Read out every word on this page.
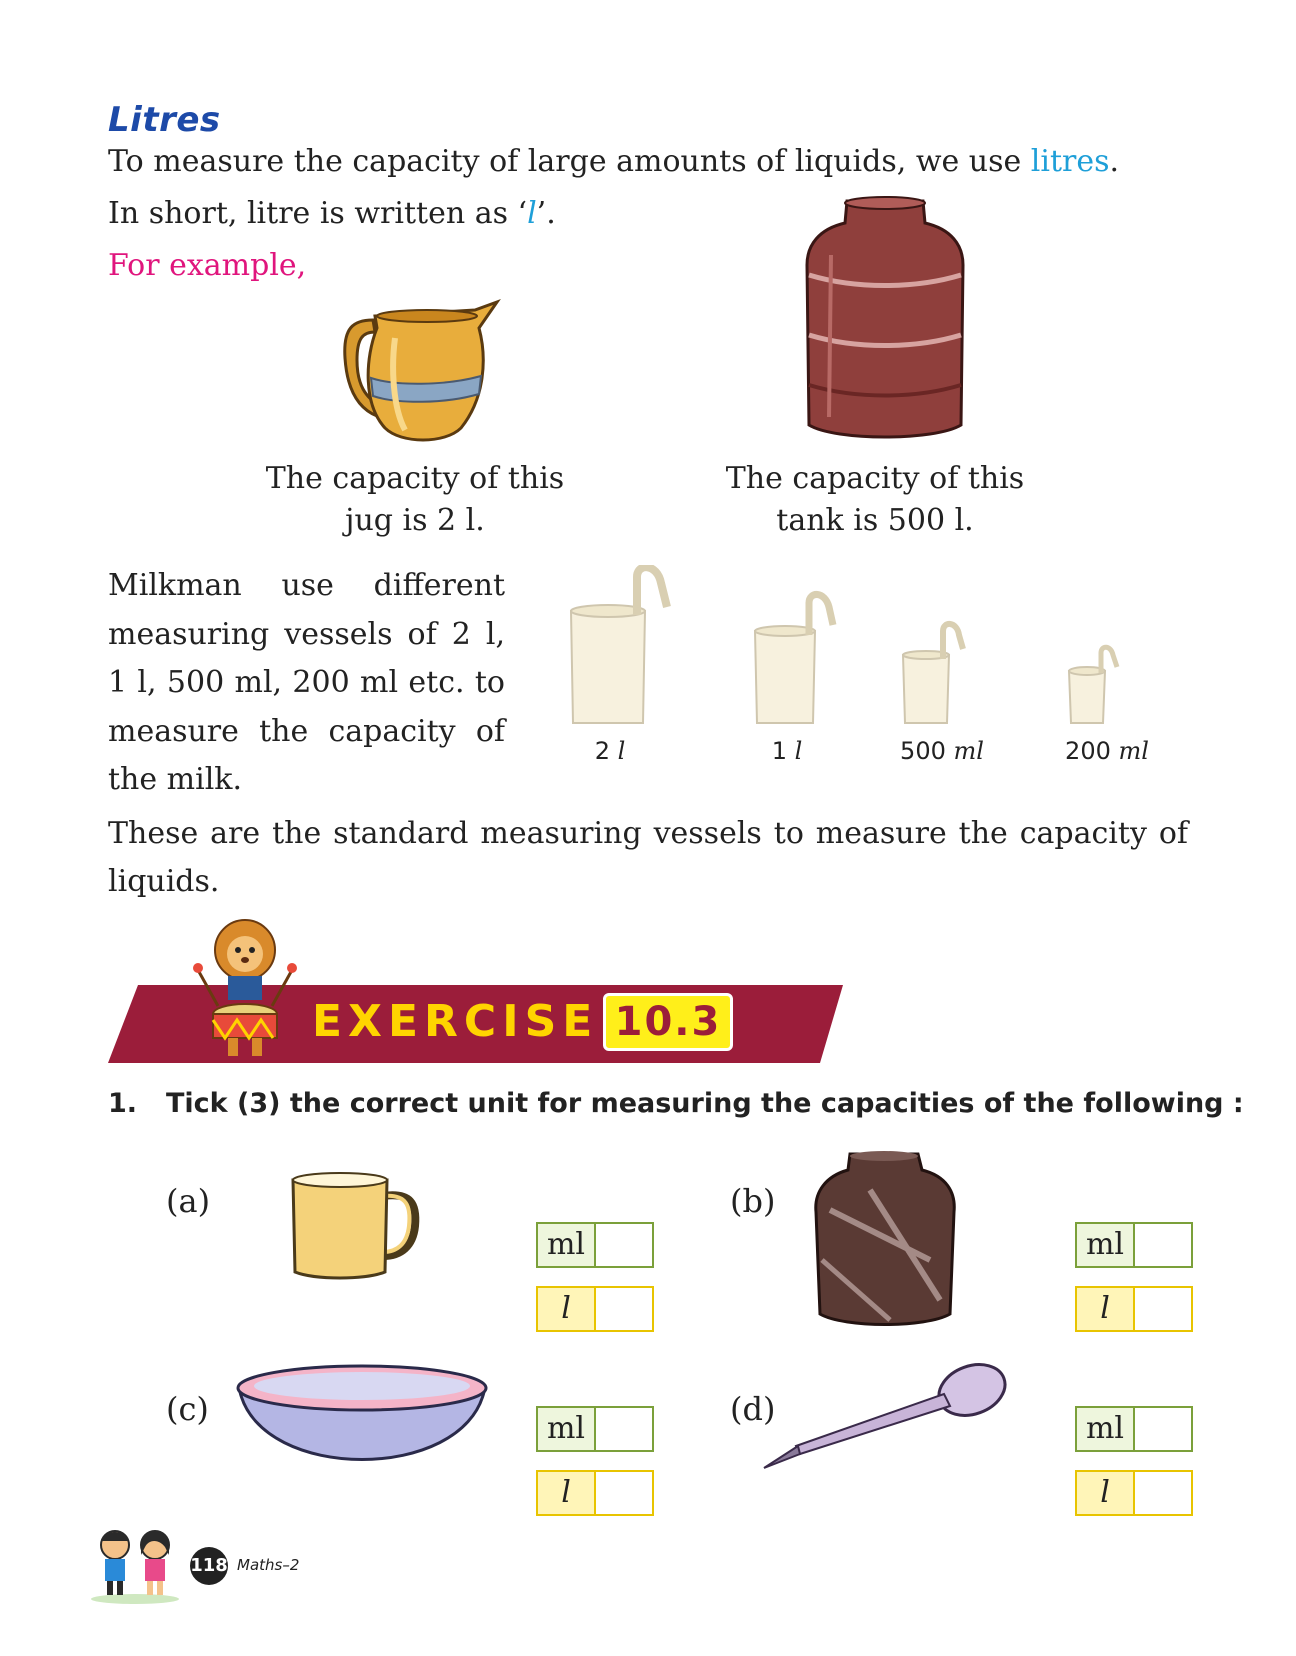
Litres
To measure the capacity of large amounts of liquids, we use litres.
In short, litre is written as ‘l’.
For example,
The capacity of this
jug is 2 l.
The capacity of this
tank is 500 l.
Milkman use different
measuring vessels of 2 l,
1 l, 500 ml, 200 ml etc. to
measure the capacity of
the milk.
2 l	1 l	500 ml	200 ml
These are the standard measuring vessels to measure the capacity of liquids.
EXERCISE 10.3
1. Tick (3) the correct unit for measuring the capacities of the following :
(a)
ml
l
(b)
ml
l
(c)
ml
l
(d)
ml
l
118 Maths–2
